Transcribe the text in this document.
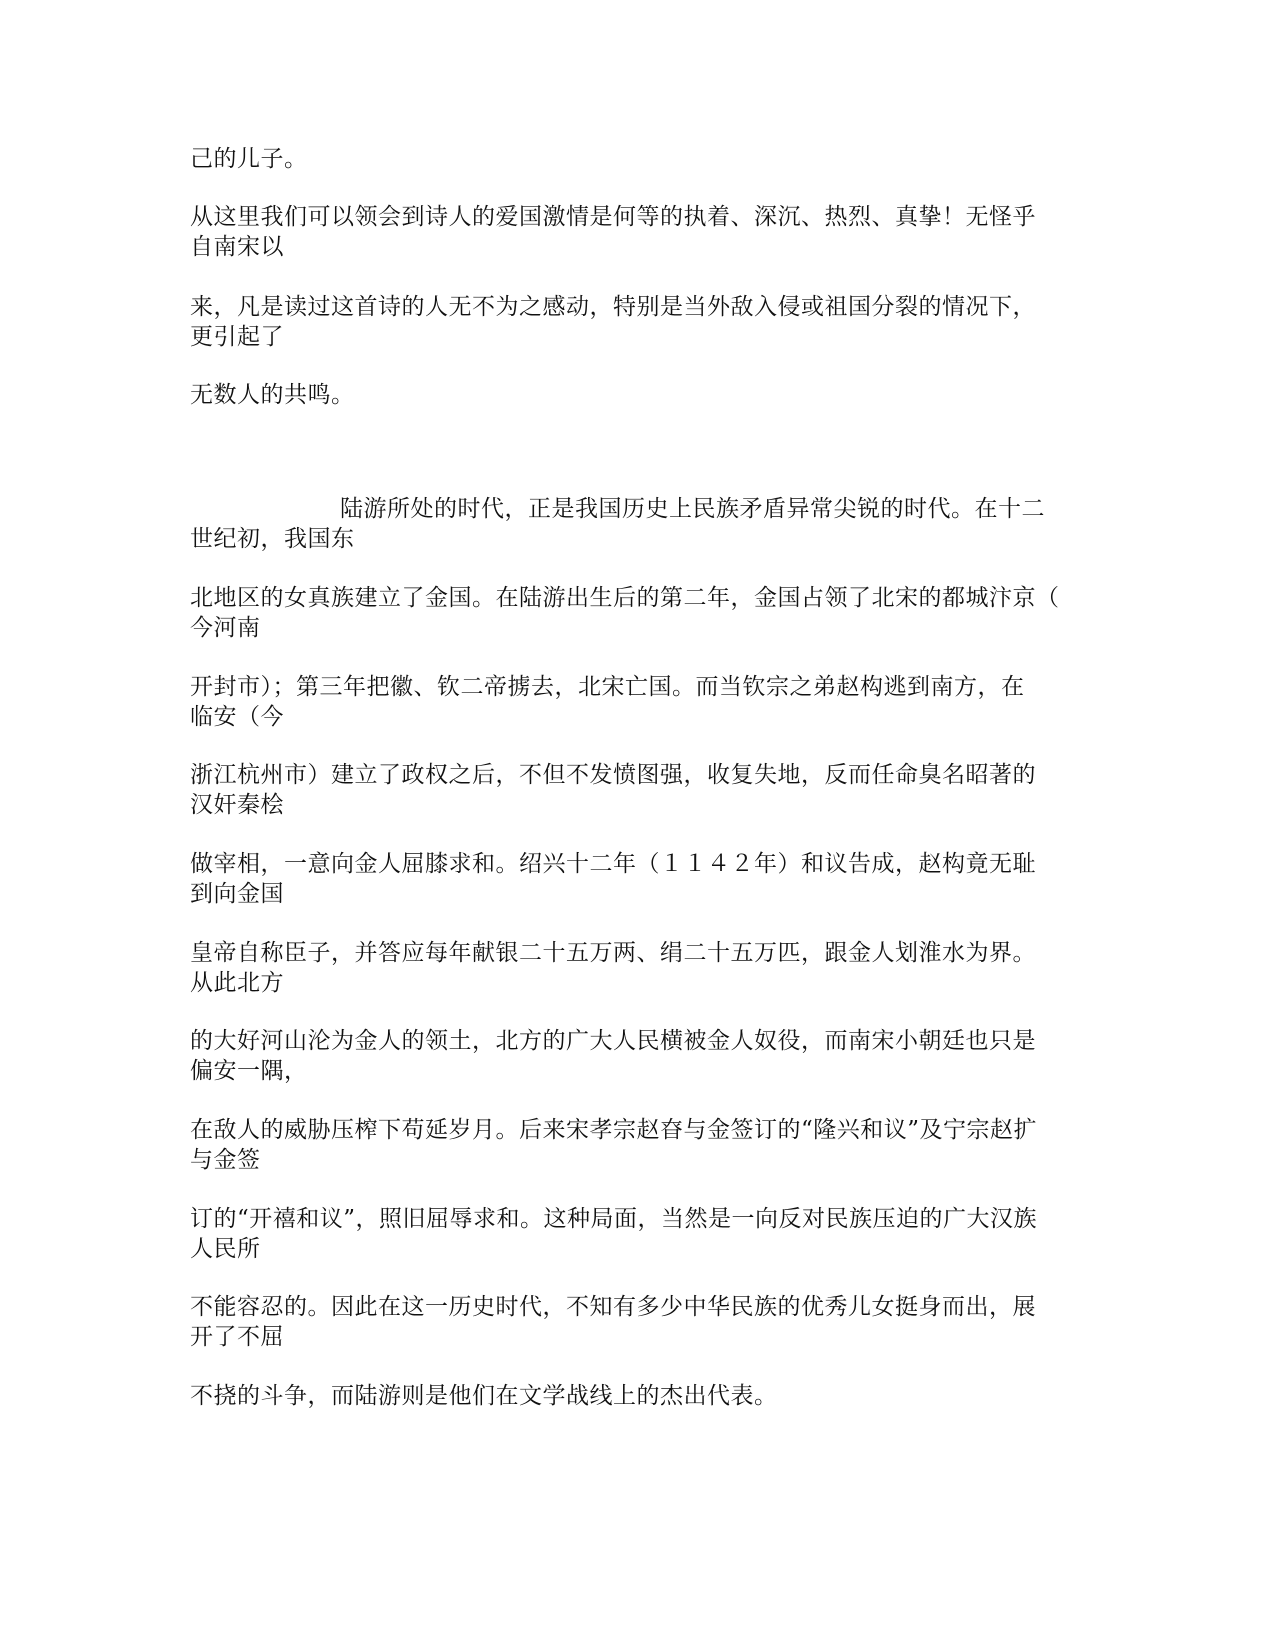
己的儿子。
从这里我们可以领会到诗人的爱国激情是何等的执着、深沉、热烈、真挚！无怪乎
自南宋以
来，凡是读过这首诗的人无不为之感动，特别是当外敌入侵或祖国分裂的情况下，
更引起了
无数人的共鸣。
陆游所处的时代，正是我国历史上民族矛盾异常尖锐的时代。在十二
世纪初，我国东
北地区的女真族建立了金国。在陆游出生后的第二年，金国占领了北宋的都城汴京（
今河南
开封市）；第三年把徽、钦二帝掳去，北宋亡国。而当钦宗之弟赵构逃到南方，在
临安（今
浙江杭州市）建立了政权之后，不但不发愤图强，收复失地，反而任命臭名昭著的
汉奸秦桧
做宰相，一意向金人屈膝求和。绍兴十二年（１１４２年）和议告成，赵构竟无耻
到向金国
皇帝自称臣子，并答应每年献银二十五万两、绢二十五万匹，跟金人划淮水为界。
从此北方
的大好河山沦为金人的领土，北方的广大人民横被金人奴役，而南宋小朝廷也只是
偏安一隅，
在敌人的威胁压榨下苟延岁月。后来宋孝宗赵昚与金签订的“隆兴和议”及宁宗赵扩
与金签
订的“开禧和议”，照旧屈辱求和。这种局面，当然是一向反对民族压迫的广大汉族
人民所
不能容忍的。因此在这一历史时代，不知有多少中华民族的优秀儿女挺身而出，展
开了不屈
不挠的斗争，而陆游则是他们在文学战线上的杰出代表。
